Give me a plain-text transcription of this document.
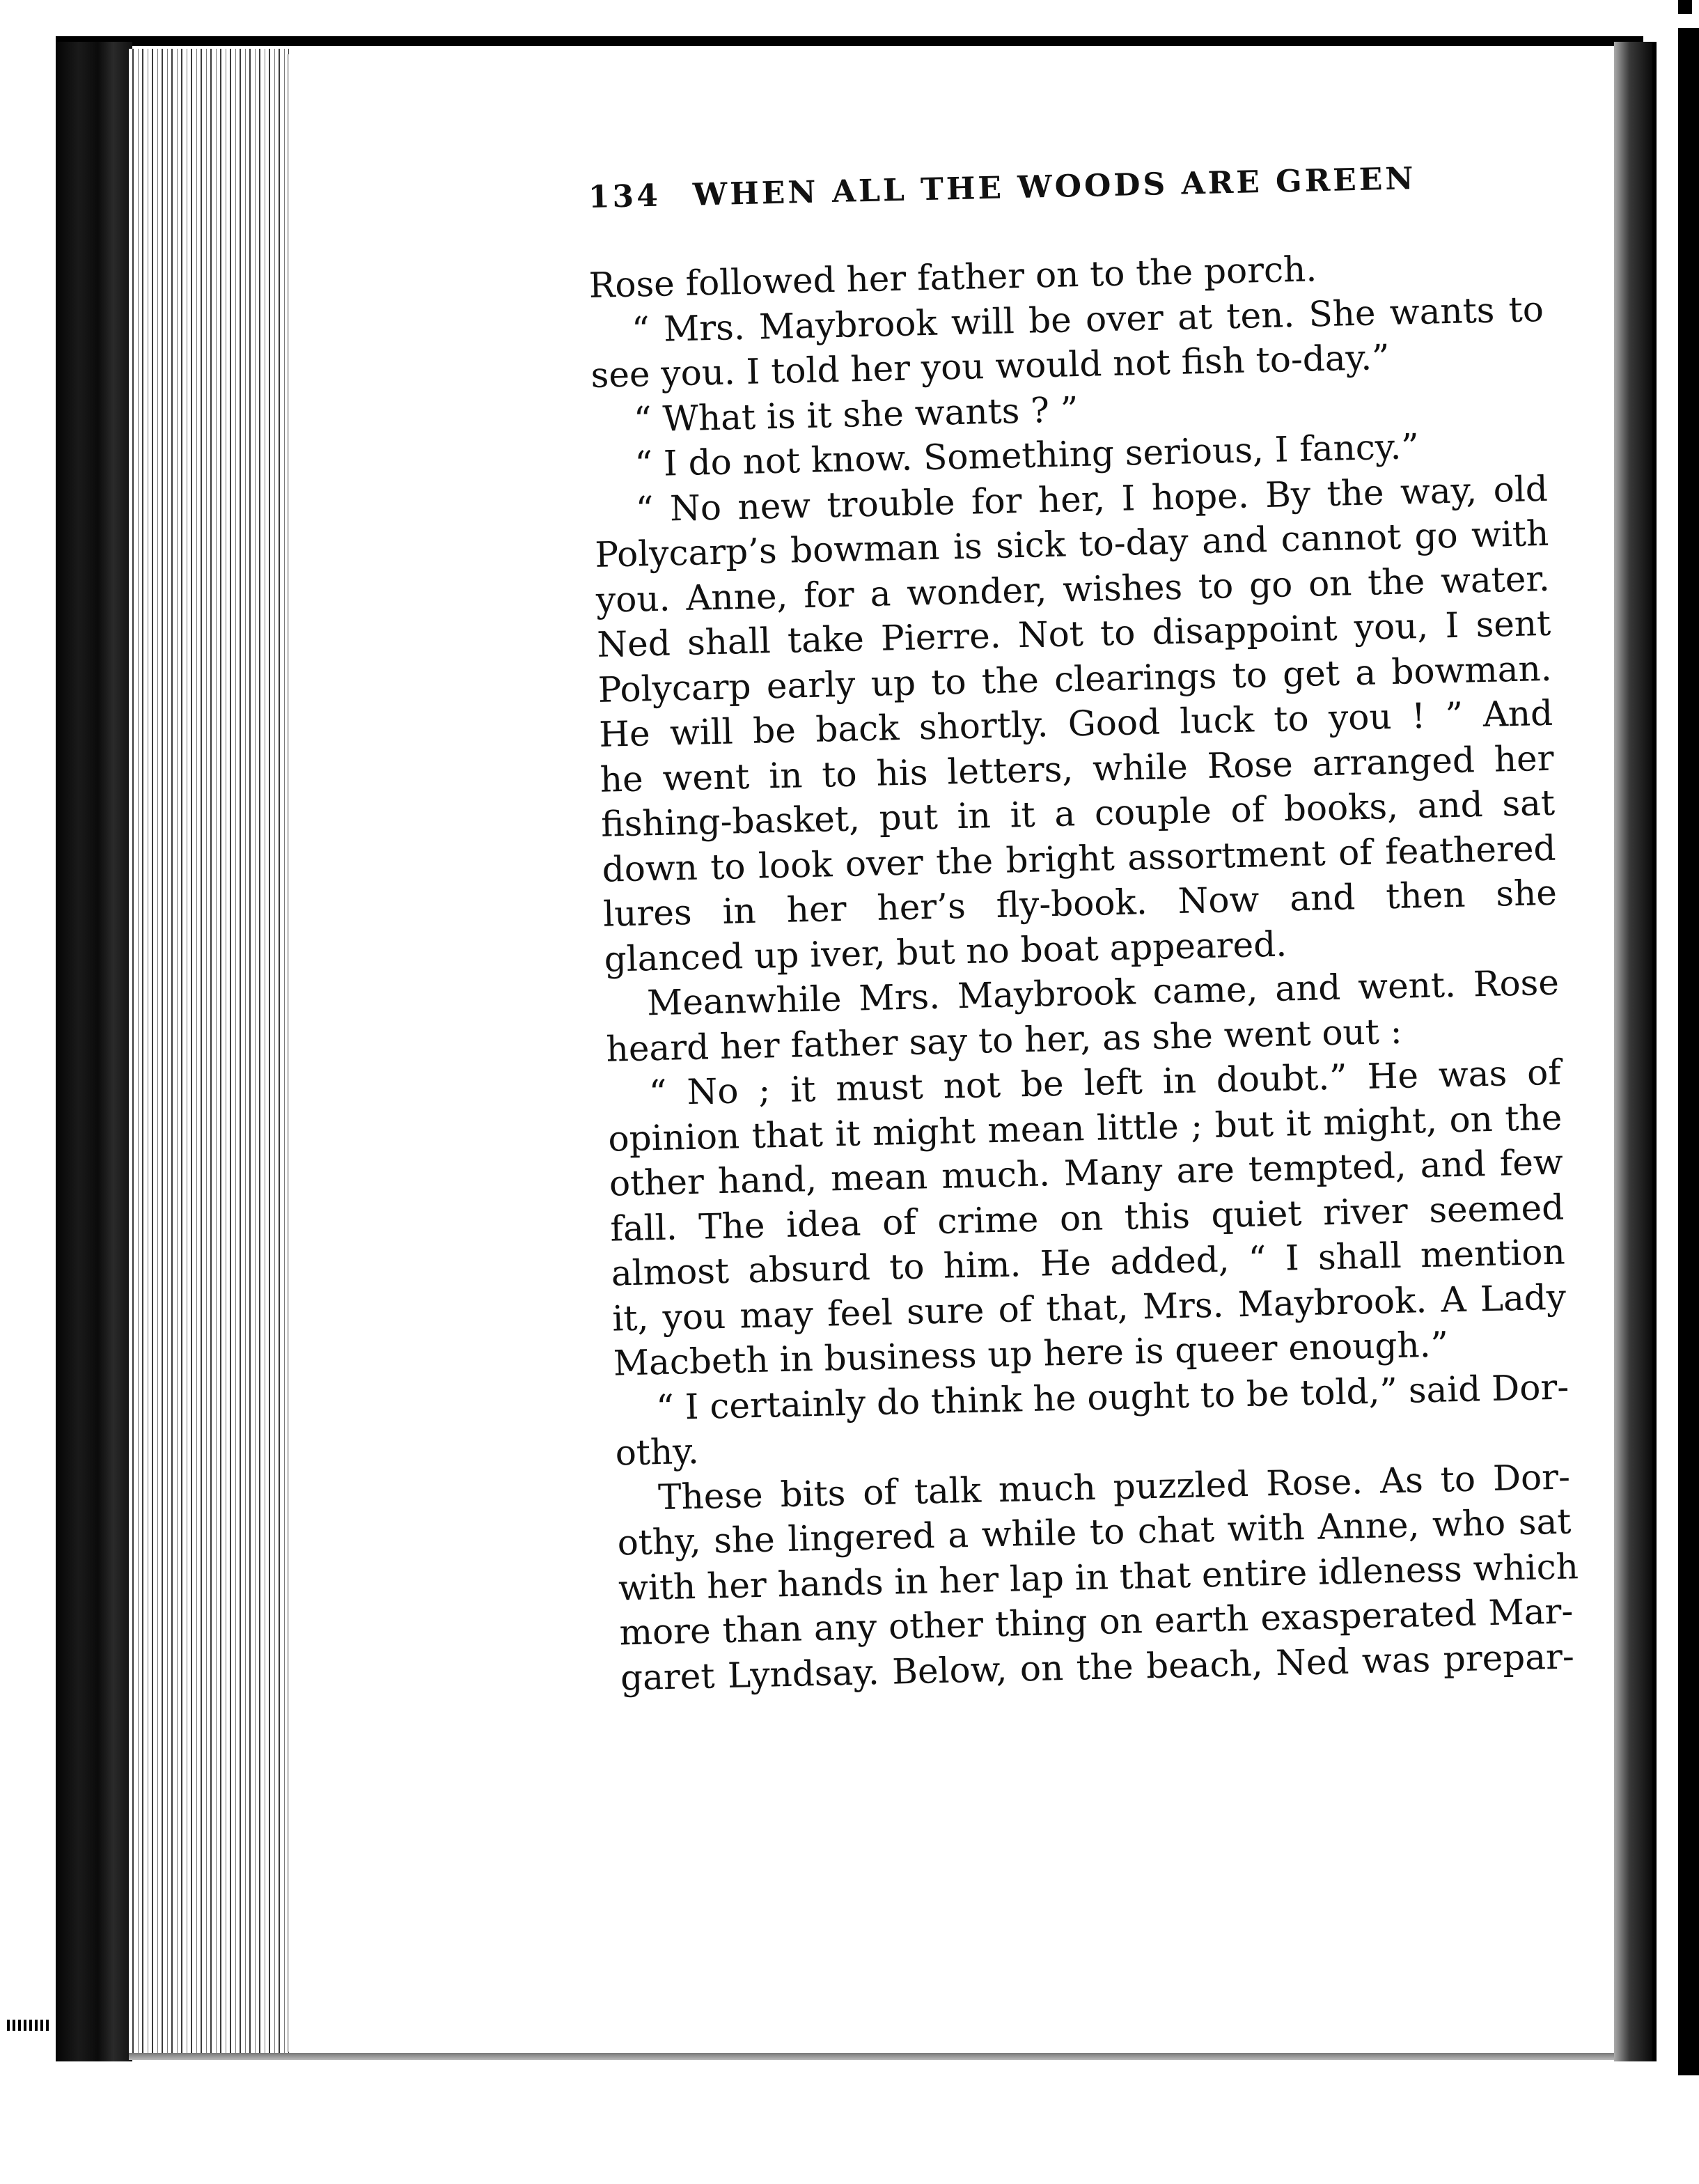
134 WHEN ALL THE WOODS ARE GREEN
Rose followed her father on to the porch.
“ Mrs. Maybrook will be over at ten. She wants to
see you. I told her you would not fish to-day.”
“ What is it she wants ? ”
“ I do not know. Something serious, I fancy.”
“ No new trouble for her, I hope. By the way, old
Polycarp’s bowman is sick to-day and cannot go with
you. Anne, for a wonder, wishes to go on the water.
Ned shall take Pierre. Not to disappoint you, I sent
Polycarp early up to the clearings to get a bowman.
He will be back shortly. Good luck to you ! ” And
he went in to his letters, while Rose arranged her
fishing-basket, put in it a couple of books, and sat
down to look over the bright assortment of feathered
lures in her her’s fly-book. Now and then she
glanced up iver, but no boat appeared.
Meanwhile Mrs. Maybrook came, and went. Rose
heard her father say to her, as she went out :
“ No ; it must not be left in doubt.” He was of
opinion that it might mean little ; but it might, on the
other hand, mean much. Many are tempted, and few
fall. The idea of crime on this quiet river seemed
almost absurd to him. He added, “ I shall mention
it, you may feel sure of that, Mrs. Maybrook. A Lady
Macbeth in business up here is queer enough.”
“ I certainly do think he ought to be told,” said Dor-
othy.
These bits of talk much puzzled Rose. As to Dor-
othy, she lingered a while to chat with Anne, who sat
with her hands in her lap in that entire idleness which
more than any other thing on earth exasperated Mar-
garet Lyndsay. Below, on the beach, Ned was prepar-
